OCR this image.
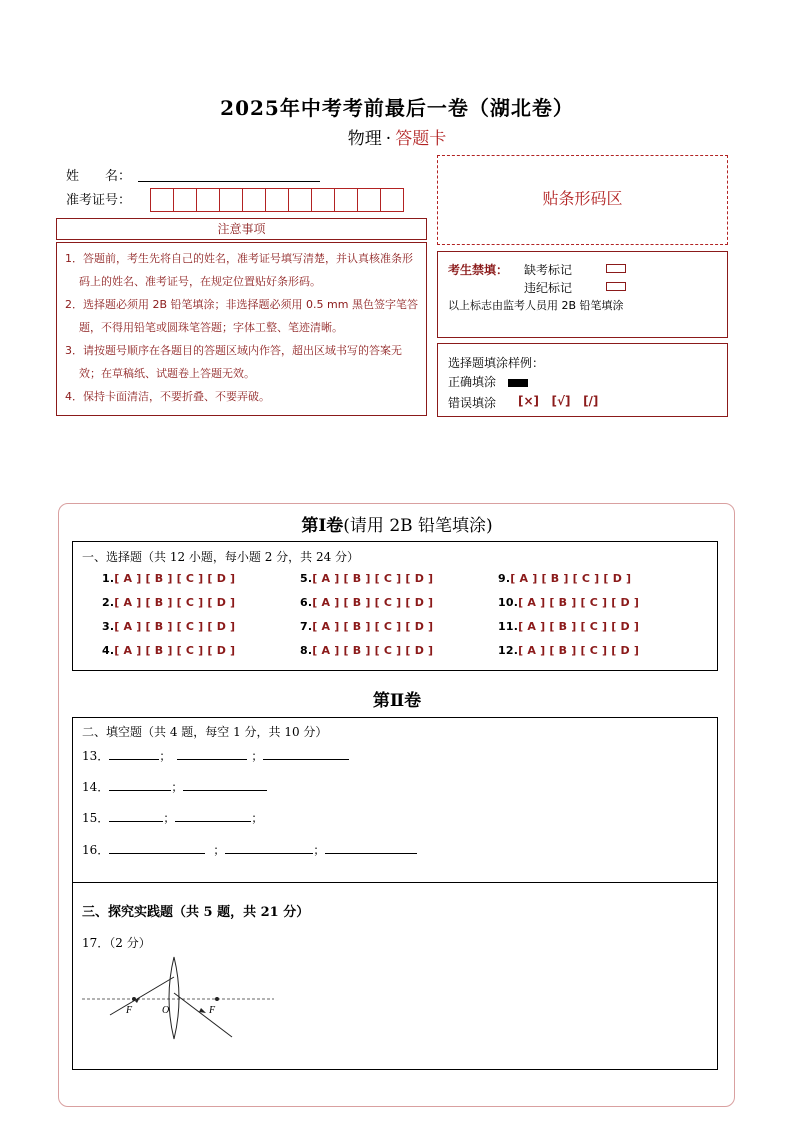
2025年中考考前最后一卷（湖北卷）
物理 · 答题卡
姓　　名：
准考证号：
注意事项
1．答题前，考生先将自己的姓名，准考证号填写清楚，并认真核准条形码上的姓名、准考证号，在规定位置贴好条形码。
2．选择题必须用 2B 铅笔填涂；非选择题必须用 0.5 mm 黑色签字笔答题，不得用铅笔或圆珠笔答题；字体工整、笔迹清晰。
3．请按题号顺序在各题目的答题区域内作答，超出区域书写的答案无效；在草稿纸、试题卷上答题无效。
4．保持卡面清洁，不要折叠、不要弄破。
贴条形码区
考生禁填： 缺考标记
违纪标记
以上标志由监考人员用 2B 铅笔填涂
选择题填涂样例：
正确填涂
错误填涂 [×]   [√]   [/]
第Ⅰ卷(请用 2B 铅笔填涂)
一、选择题（共 12 小题，每小题 2 分，共 24 分）
1.[ A ] [ B ] [ C ] [ D ]
2.[ A ] [ B ] [ C ] [ D ]
3.[ A ] [ B ] [ C ] [ D ]
4.[ A ] [ B ] [ C ] [ D ]
5.[ A ] [ B ] [ C ] [ D ]
6.[ A ] [ B ] [ C ] [ D ]
7.[ A ] [ B ] [ C ] [ D ]
8.[ A ] [ B ] [ C ] [ D ]
9.[ A ] [ B ] [ C ] [ D ]
10.[ A ] [ B ] [ C ] [ D ]
11.[ A ] [ B ] [ C ] [ D ]
12.[ A ] [ B ] [ C ] [ D ]
第Ⅱ卷
二、填空题（共 4 题，每空 1 分，共 10 分）
13．	；	；
14．	；
15．	；	；
16．	；	；
三、探究实践题（共 5 题，共 21 分）
17．（2 分）
F	O	F
